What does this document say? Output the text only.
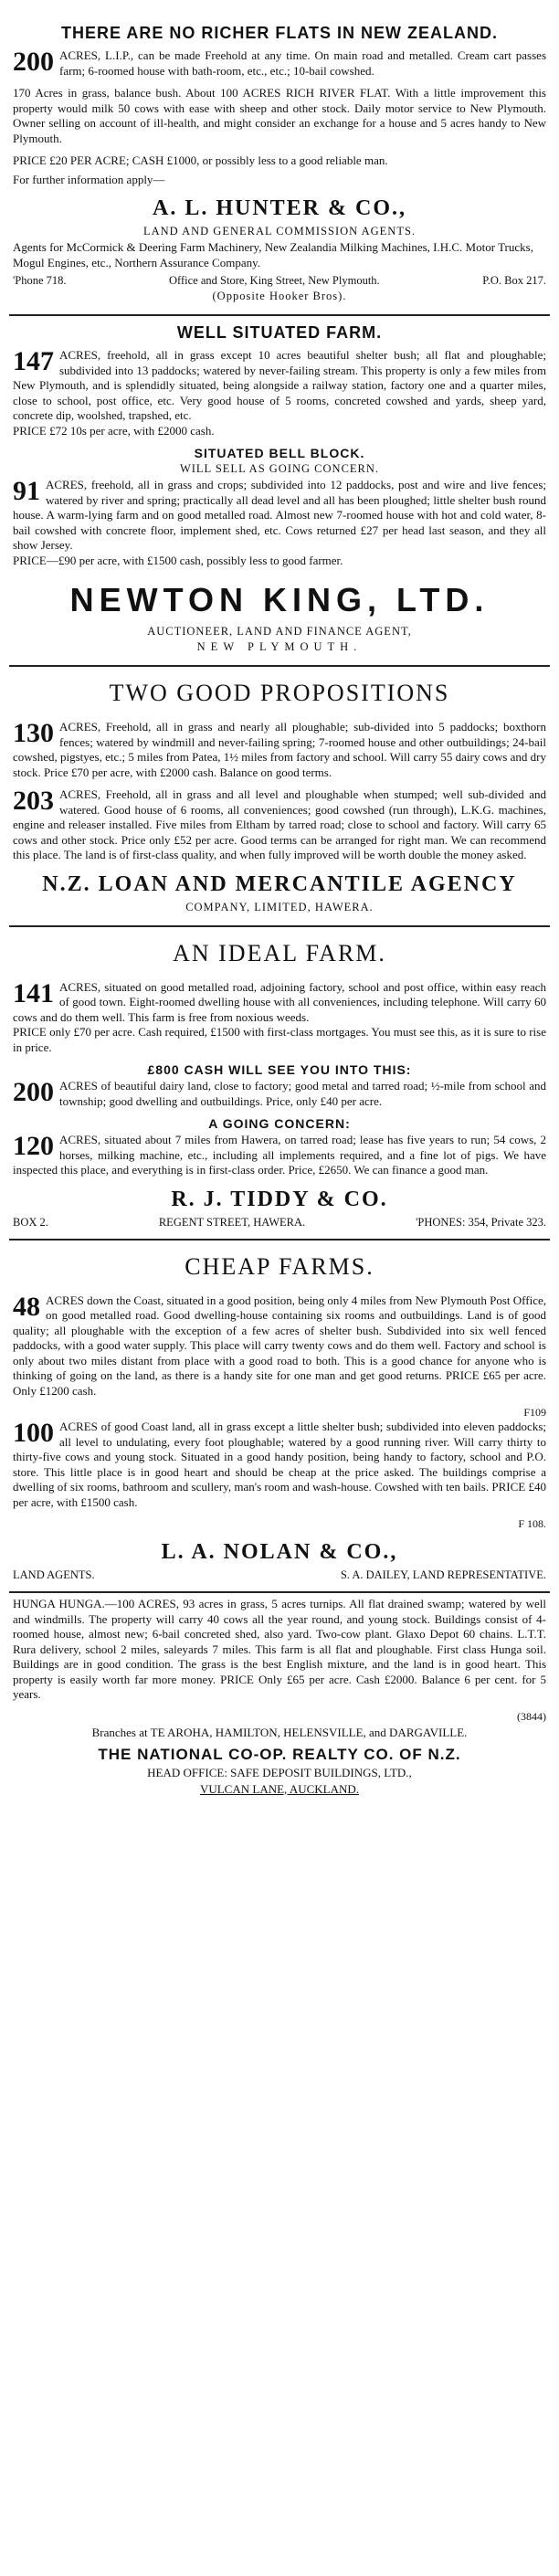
THERE ARE NO RICHER FLATS IN NEW ZEALAND.

200 ACRES, L.I.P., can be made Freehold at any time. On main road and metalled. Cream cart passes farm; 6-roomed house with bath-room, etc., etc.; 10-bail cowshed.

170 Acres in grass, balance bush. About 100 ACRES RICH RIVER FLAT. With a little improvement this property would milk 50 cows with ease with sheep and other stock. Daily motor service to New Plymouth. Owner selling on account of ill-health, and might consider an exchange for a house and 5 acres handy to New Plymouth.

PRICE £20 PER ACRE; CASH £1000, or possibly less to a good reliable man.

For further information apply—

A. L. HUNTER & CO.,
LAND AND GENERAL COMMISSION AGENTS.

Agents for McCormick & Deering Farm Machinery, New Zealandia Milking Machines, I.H.C. Motor Trucks, Mogul Engines, etc., Northern Assurance Company.

'Phone 718.	Office and Store, King Street, New Plymouth.	P.O. Box 217.
(Opposite Hooker Bros).
WELL SITUATED FARM.

147 ACRES, freehold, all in grass except 10 acres beautiful shelter bush; all flat and ploughable; subdivided into 13 paddocks; watered by never-failing stream. This property is only a few miles from New Plymouth, and is splendidly situated, being alongside a railway station, factory one and a quarter miles, close to school, post office, etc. Very good house of 5 rooms, concreted cowshed and yards, sheep yard, concrete dip, woolshed, trapshed, etc.
PRICE £72 10s per acre, with £2000 cash.

SITUATED BELL BLOCK.
WILL SELL AS GOING CONCERN.

91 ACRES, freehold, all in grass and crops; subdivided into 12 paddocks, post and wire and live fences; watered by river and spring; practically all dead level and all has been ploughed; little shelter bush round house. A warm-lying farm and on good metalled road. Almost new 7-roomed house with hot and cold water, 8-bail cowshed with concrete floor, implement shed, etc. Cows returned £27 per head last season, and they all show Jersey.
PRICE—£90 per acre, with £1500 cash, possibly less to good farmer.

NEWTON KING, LTD.
AUCTIONEER, LAND AND FINANCE AGENT,
NEW PLYMOUTH.
TWO GOOD PROPOSITIONS

130 ACRES, Freehold, all in grass and nearly all ploughable; sub-divided into 5 paddocks; boxthorn fences; watered by windmill and never-failing spring; 7-roomed house and other outbuildings; 24-bail cowshed, pigstyes, etc.; 5 miles from Patea, 1½ miles from factory and school. Will carry 55 dairy cows and dry stock. Price £70 per acre, with £2000 cash. Balance on good terms.

203 ACRES, Freehold, all in grass and all level and ploughable when stumped; well sub-divided and watered. Good house of 6 rooms, all conveniences; good cowshed (run through), L.K.G. machines, engine and releaser installed. Five miles from Eltham by tarred road; close to school and factory. Will carry 65 cows and other stock. Price only £52 per acre. Good terms can be arranged for right man. We can recommend this place. The land is of first-class quality, and when fully improved will be worth double the money asked.

N.Z. LOAN AND MERCANTILE AGENCY
COMPANY, LIMITED, HAWERA.
AN IDEAL FARM.

141 ACRES, situated on good metalled road, adjoining factory, school and post office, within easy reach of good town. Eight-roomed dwelling house with all conveniences, including telephone. Will carry 60 cows and do them well. This farm is free from noxious weeds.
PRICE only £70 per acre. Cash required, £1500 with first-class mortgages. You must see this, as it is sure to rise in price.

£800 CASH WILL SEE YOU INTO THIS:

200 ACRES of beautiful dairy land, close to factory; good metal and tarred road; ½-mile from school and township; good dwelling and outbuildings. Price, only £40 per acre.

A GOING CONCERN:

120 ACRES, situated about 7 miles from Hawera, on tarred road; lease has five years to run; 54 cows, 2 horses, milking machine, etc., including all implements required, and a fine lot of pigs. We have inspected this place, and everything is in first-class order. Price, £2650. We can finance a good man.

R. J. TIDDY & CO.
BOX 2.	REGENT STREET, HAWERA.	'PHONES: 354, Private 323.
CHEAP FARMS.

48 ACRES down the Coast, situated in a good position, being only 4 miles from New Plymouth Post Office, on good metalled road. Good dwelling-house containing six rooms and outbuildings. Land is of good quality; all ploughable with the exception of a few acres of shelter bush. Subdivided into six well fenced paddocks, with a good water supply. This place will carry twenty cows and do them well. Factory and school is only about two miles distant from place with a good road to both. This is a good chance for anyone who is thinking of going on the land, as there is a handy site for one man and get good returns. PRICE £65 per acre. Only £1200 cash.

F109

100 ACRES of good Coast land, all in grass except a little shelter bush; subdivided into eleven paddocks; all level to undulating, every foot ploughable; watered by a good running river. Will carry thirty to thirty-five cows and young stock. Situated in a good handy position, being handy to factory, school and P.O. store. This little place is in good heart and should be cheap at the price asked. The buildings comprise a dwelling of six rooms, bathroom and scullery, man's room and wash-house. Cowshed with ten bails. PRICE £40 per acre, with £1500 cash.

F 108.

L. A. NOLAN & CO.,
LAND AGENTS.	S. A. DAILEY, LAND REPRESENTATIVE.

HUNGA HUNGA.—100 ACRES, 93 acres in grass, 5 acres turnips. All flat drained swamp; watered by well and windmills. The property will carry 40 cows all the year round, and young stock. Buildings consist of 4-roomed house, almost new; 6-bail concreted shed, also yard. Two-cow plant. Glaxo Depot 60 chains. L.T.T. Rura delivery, school 2 miles, saleyards 7 miles. This farm is all flat and ploughable. First class Hunga soil. Buildings are in good condition. The grass is the best English mixture, and the land is in good heart. This property is easily worth far more money. PRICE Only £65 per acre. Cash £2000. Balance 6 per cent. for 5 years.

(3844)

Branches at TE AROHA, HAMILTON, HELENSVILLE, and DARGAVILLE.
THE NATIONAL CO-OP. REALTY CO. OF N.Z.
HEAD OFFICE: SAFE DEPOSIT BUILDINGS, LTD.,
VULCAN LANE, AUCKLAND.
